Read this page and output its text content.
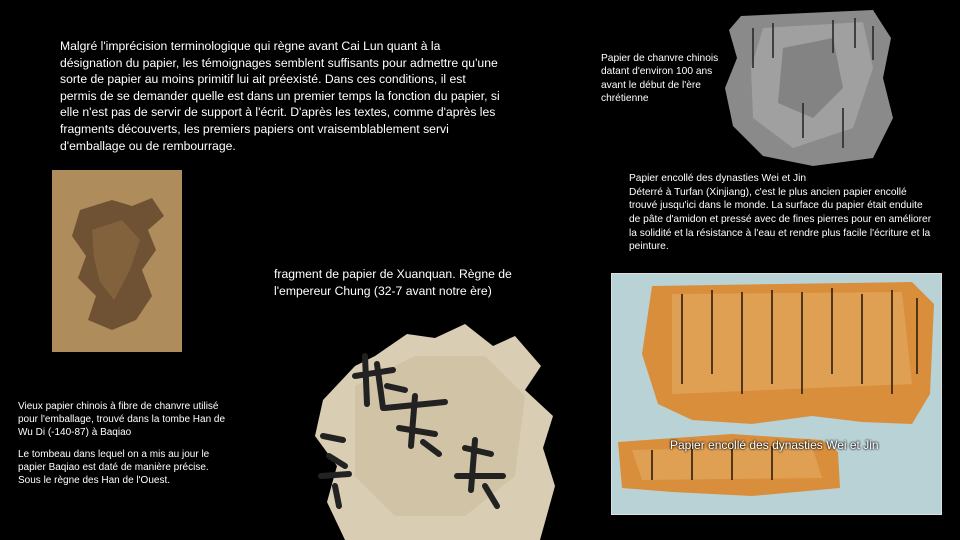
Malgré l'imprécision terminologique qui règne avant Cai Lun quant à la désignation du papier, les témoignages semblent suffisants pour admettre qu'une sorte de papier au moins primitif lui ait préexisté. Dans ces conditions, il est permis de se demander quelle est dans un premier temps la fonction du papier, si elle n'est pas de servir de support à l'écrit. D'après les textes, comme d'après les fragments découverts, les premiers papiers ont vraisemblablement servi d'emballage ou de rembourrage.
Papier de chanvre chinois datant d'environ 100 ans avant le début de l'ère chrétienne
Papier encollé des dynasties Wei et Jin
Déterré à Turfan (Xinjiang), c'est le plus ancien papier encollé trouvé jusqu'ici dans le monde. La surface du papier était enduite de pâte d'amidon et pressé avec de fines pierres pour en améliorer la solidité et la résistance à l'eau et rendre plus facile l'écriture et la peinture.
fragment de papier de Xuanquan. Règne de l'empereur Chung (32-7 avant notre ère)

Vieux papier chinois à fibre de chanvre utilisé pour l'emballage, trouvé dans la tombe Han de Wu Di (-140-87) à Baqiao

Le tombeau dans lequel on a mis au jour le papier Baqiao est daté de manière précise. Sous le règne des Han de l'Ouest.

Papier encollé des dynasties Wei et Jin
